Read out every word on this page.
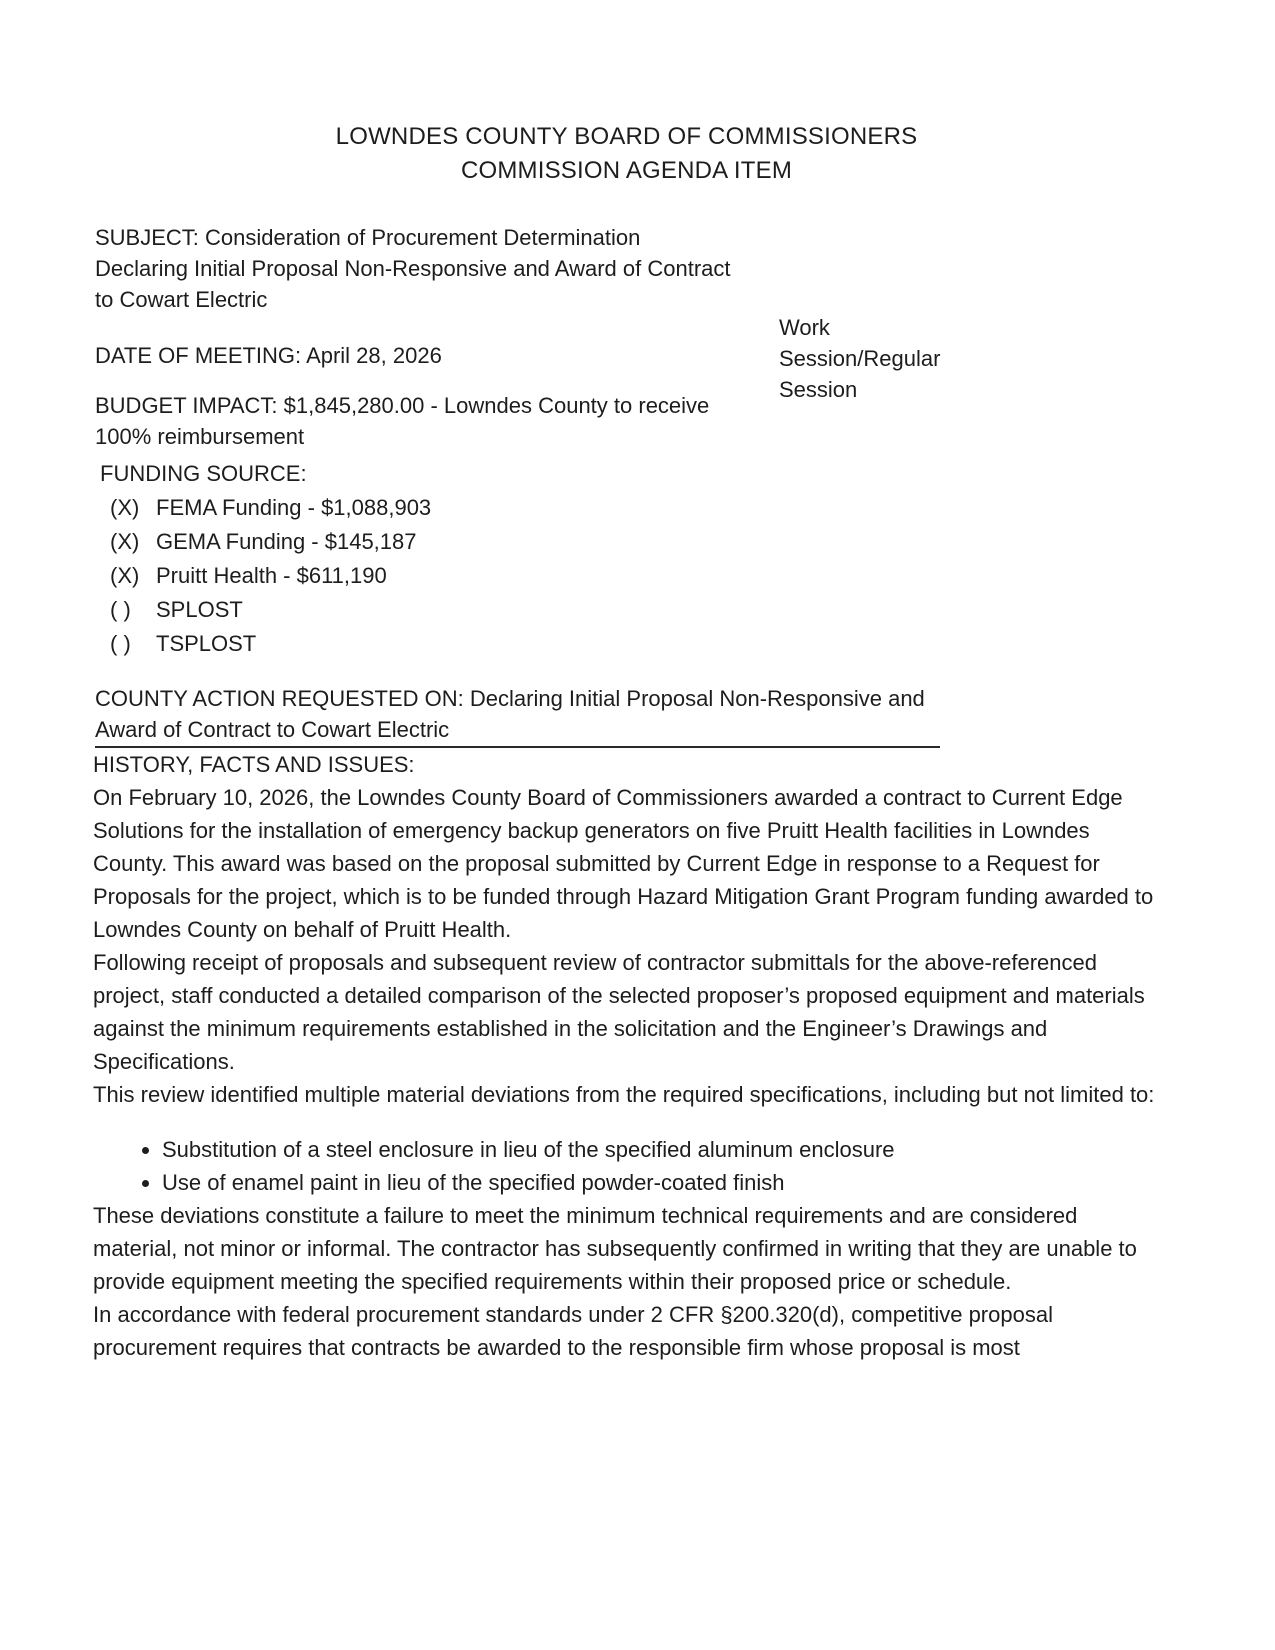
LOWNDES COUNTY BOARD OF COMMISSIONERS
COMMISSION AGENDA ITEM

SUBJECT: Consideration of Procurement Determination Declaring Initial Proposal Non-Responsive and Award of Contract to Cowart Electric

Work Session/Regular Session

DATE OF MEETING: April 28, 2026

BUDGET IMPACT: $1,845,280.00 - Lowndes County to receive 100% reimbursement

FUNDING SOURCE:

(X) FEMA Funding - $1,088,903
(X) GEMA Funding - $145,187
(X) Pruitt Health - $611,190
( ) SPLOST
( ) TSPLOST

COUNTY ACTION REQUESTED ON: Declaring Initial Proposal Non-Responsive and Award of Contract to Cowart Electric

HISTORY, FACTS AND ISSUES:

On February 10, 2026, the Lowndes County Board of Commissioners awarded a contract to Current Edge Solutions for the installation of emergency backup generators on five Pruitt Health facilities in Lowndes County. This award was based on the proposal submitted by Current Edge in response to a Request for Proposals for the project, which is to be funded through Hazard Mitigation Grant Program funding awarded to Lowndes County on behalf of Pruitt Health.

Following receipt of proposals and subsequent review of contractor submittals for the above-referenced project, staff conducted a detailed comparison of the selected proposer’s proposed equipment and materials against the minimum requirements established in the solicitation and the Engineer’s Drawings and Specifications.

This review identified multiple material deviations from the required specifications, including but not limited to:

• Substitution of a steel enclosure in lieu of the specified aluminum enclosure
• Use of enamel paint in lieu of the specified powder-coated finish

These deviations constitute a failure to meet the minimum technical requirements and are considered material, not minor or informal. The contractor has subsequently confirmed in writing that they are unable to provide equipment meeting the specified requirements within their proposed price or schedule.

In accordance with federal procurement standards under 2 CFR §200.320(d), competitive proposal procurement requires that contracts be awarded to the responsible firm whose proposal is most
